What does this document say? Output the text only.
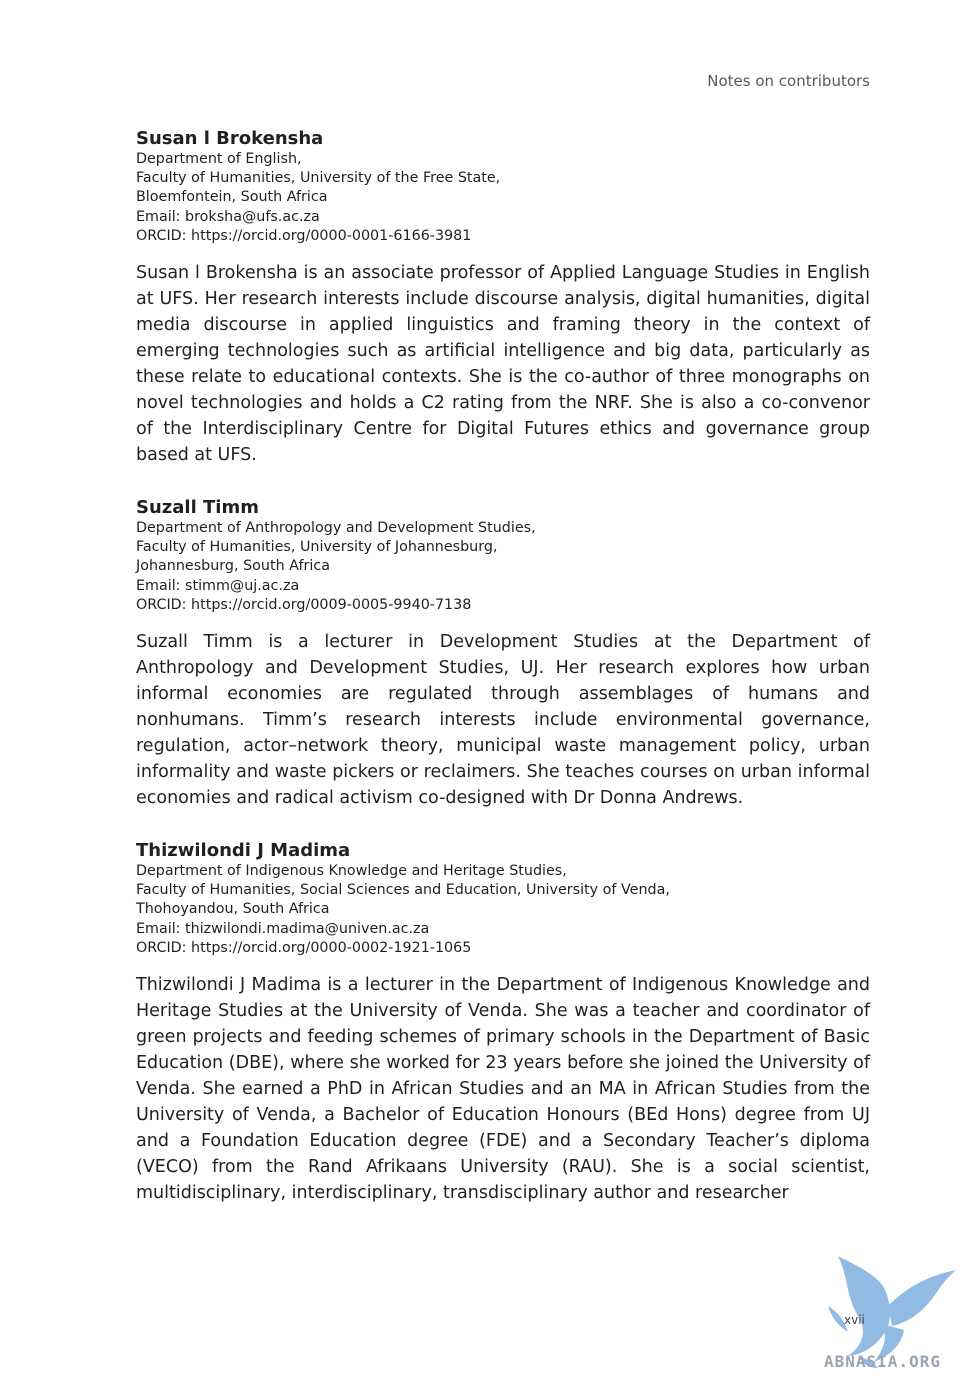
Notes on contributors
Susan l Brokensha

Department of English,

Faculty of Humanities, University of the Free State,

Bloemfontein, South Africa

Email: broksha@ufs.ac.za

ORCID: https://orcid.org/0000-0001-6166-3981

Susan l Brokensha is an associate professor of Applied Language Studies in English at UFS. Her research interests include discourse analysis, digital humanities, digital media discourse in applied linguistics and framing theory in the context of emerging technologies such as artificial intelligence and big data, particularly as these relate to educational contexts. She is the co-author of three monographs on novel technologies and holds a C2 rating from the NRF. She is also a co-convenor of the Interdisciplinary Centre for Digital Futures ethics and governance group based at UFS.

Suzall Timm

Department of Anthropology and Development Studies,

Faculty of Humanities, University of Johannesburg,

Johannesburg, South Africa

Email: stimm@uj.ac.za

ORCID: https://orcid.org/0009-0005-9940-7138

Suzall Timm is a lecturer in Development Studies at the Department of Anthropology and Development Studies, UJ. Her research explores how urban informal economies are regulated through assemblages of humans and nonhumans. Timm’s research interests include environmental governance, regulation, actor–network theory, municipal waste management policy, urban informality and waste pickers or reclaimers. She teaches courses on urban informal economies and radical activism co-designed with Dr Donna Andrews.

Thizwilondi J Madima

Department of Indigenous Knowledge and Heritage Studies,

Faculty of Humanities, Social Sciences and Education, University of Venda,

Thohoyandou, South Africa

Email: thizwilondi.madima@univen.ac.za

ORCID: https://orcid.org/0000-0002-1921-1065

Thizwilondi J Madima is a lecturer in the Department of Indigenous Knowledge and Heritage Studies at the University of Venda. She was a teacher and coordinator of green projects and feeding schemes of primary schools in the Department of Basic Education (DBE), where she worked for 23 years before she joined the University of Venda. She earned a PhD in African Studies and an MA in African Studies from the University of Venda, a Bachelor of Education Honours (BEd Hons) degree from UJ and a Foundation Education degree (FDE) and a Secondary Teacher’s diploma (VECO) from the Rand Afrikaans University (RAU). She is a social scientist, multidisciplinary, interdisciplinary, transdisciplinary author and researcher

xvii
ABNASIA.ORG
